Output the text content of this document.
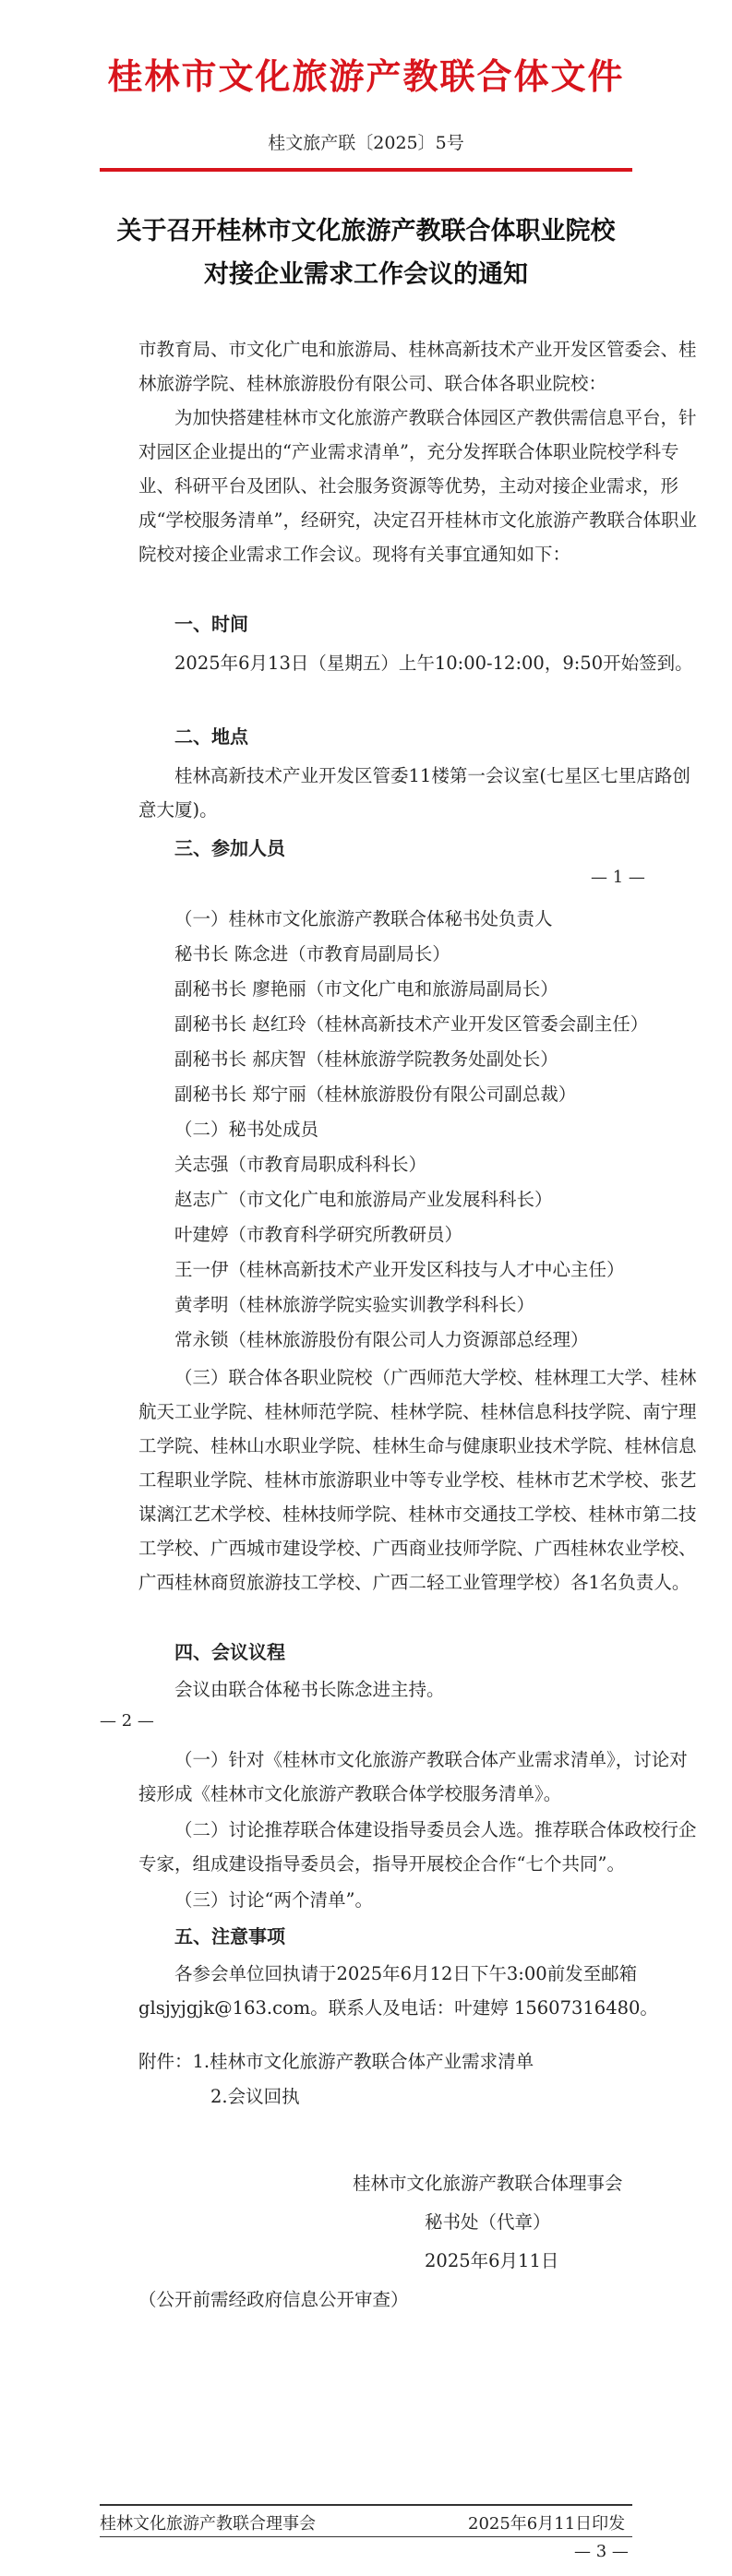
桂林市文化旅游产教联合体文件
桂文旅产联〔2025〕5号
关于召开桂林市文化旅游产教联合体职业院校
对接企业需求工作会议的通知
市教育局、市文化广电和旅游局、桂林高新技术产业开发区管委会、桂林旅游学院、桂林旅游股份有限公司、联合体各职业院校：
为加快搭建桂林市文化旅游产教联合体园区产教供需信息平台，针对园区企业提出的“产业需求清单”，充分发挥联合体职业院校学科专业、科研平台及团队、社会服务资源等优势，主动对接企业需求，形成“学校服务清单”，经研究，决定召开桂林市文化旅游产教联合体职业院校对接企业需求工作会议。现将有关事宜通知如下：
一、时间
2025年6月13日（星期五）上午10:00-12:00，9:50开始签到。
二、地点
桂林高新技术产业开发区管委11楼第一会议室(七星区七里店路创意大厦)。
三、参加人员
— 1 —
（一）桂林市文化旅游产教联合体秘书处负责人
秘书长 陈念进（市教育局副局长）
副秘书长 廖艳丽（市文化广电和旅游局副局长）
副秘书长 赵红玲（桂林高新技术产业开发区管委会副主任）
副秘书长 郝庆智（桂林旅游学院教务处副处长）
副秘书长 郑宁丽（桂林旅游股份有限公司副总裁）
（二）秘书处成员
关志强（市教育局职成科科长）
赵志广（市文化广电和旅游局产业发展科科长）
叶建婷（市教育科学研究所教研员）
王一伊（桂林高新技术产业开发区科技与人才中心主任）
黄孝明（桂林旅游学院实验实训教学科科长）
常永锁（桂林旅游股份有限公司人力资源部总经理）
（三）联合体各职业院校（广西师范大学校、桂林理工大学、桂林航天工业学院、桂林师范学院、桂林学院、桂林信息科技学院、南宁理工学院、桂林山水职业学院、桂林生命与健康职业技术学院、桂林信息工程职业学院、桂林市旅游职业中等专业学校、桂林市艺术学校、张艺谋漓江艺术学校、桂林技师学院、桂林市交通技工学校、桂林市第二技工学校、广西城市建设学校、广西商业技师学院、广西桂林农业学校、广西桂林商贸旅游技工学校、广西二轻工业管理学校）各1名负责人。
四、会议议程
会议由联合体秘书长陈念进主持。
— 2 —
（一）针对《桂林市文化旅游产教联合体产业需求清单》，讨论对接形成《桂林市文化旅游产教联合体学校服务清单》。
（二）讨论推荐联合体建设指导委员会人选。推荐联合体政校行企专家，组成建设指导委员会，指导开展校企合作“七个共同”。
（三）讨论“两个清单”。
五、注意事项
各参会单位回执请于2025年6月12日下午3:00前发至邮箱glsjyjgjk@163.com。联系人及电话：叶建婷 15607316480。
附件：1.桂林市文化旅游产教联合体产业需求清单
2.会议回执
桂林市文化旅游产教联合体理事会
秘书处（代章）
2025年6月11日
（公开前需经政府信息公开审查）
桂林文化旅游产教联合理事会	2025年6月11日印发
— 3 —
